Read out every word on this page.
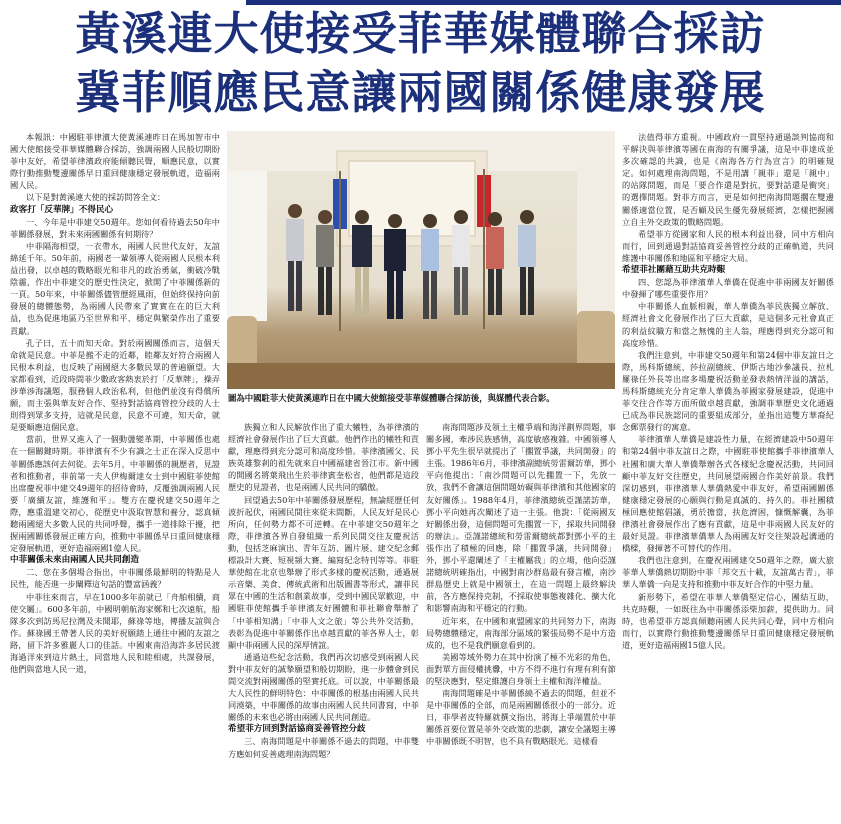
黃溪連大使接受菲華媒體聯合採訪
冀菲順應民意讓兩國關係健康發展

本報訊：中國駐菲律濱大使黃溪連昨日在馬加智市中國大使館接受菲華媒體聯合採訪，強調兩國人民般切期盼菲中友好，希望菲律濱政府能傾聽民聲，順應民意，以實際行動推動雙邊關係早日重回健康穩定發展軌道，造福兩國人民。

以下是對黃溪連大使的採訪問答全文：

政客打「反華牌」不得民心

一、今年是中菲建交50週年。您如何看待過去50年中菲關係發展，對未來兩國關係有何期待？

中菲隔海相望，一衣帶水，兩國人民世代友好，友誼綿延千年。50年前，兩國老一輩領導人從兩國人民根本利益出發，以卓越的戰略眼光和非凡的政治勇氣，衝破冷戰陰霾，作出中菲建交的歷史性決定，掀開了中菲關係新的一頁。50年來，中菲關係儘管歷經風雨，但始終保持向前發展的總體態勢，為兩國人民帶來了實實在在的巨大利益，也為促進地區乃至世界和平、穩定與繁榮作出了重要貢獻。

孔子曰，五十而知天命。對於兩國關係而言，這個天命就是民意。中菲是搬不走的近鄰，睦鄰友好符合兩國人民根本利益，也反映了兩國絕大多數民眾的普遍願望。大家都看到，近段時間菲少數政客熱衷於打「反華牌」，操弄涉華涉海議題，服務個人政治私利，但他們並沒有得償所願，而主張與華友好合作、堅持對話協商管控分歧的人士則得到眾多支持，這就是民意，民意不可違，知天命，就是要順應這個民意。

當前，世界又進入了一個動盪變革期，中菲關係也處在一個關鍵時期。菲律濱有不少有識之士正在深入反思中菲關係應該何去何從。去年5月，中菲關係的親歷者，見證者和推動者，菲前第一夫人伊梅爾達女士到中國駐菲使館出席慶祝菲中建交49週年的招待會時，反覆強調兩國人民要「廣續友誼，維護和平」。雙方在慶祝建交50週年之際，應重溫建交初心，從歷史中汲取智慧和養分，認真傾聽兩國絕大多數人民的共同呼聲，攜手一道排除干擾，把握兩國關係發展正確方向，推動中菲關係早日重回健康穩定發展軌道，更好造福兩國1億人民。

中菲關係未來由兩國人民共同創造

二、您在多個場合指出，中菲關係最鮮明的特點是人民性，能否進一步闡釋這句話的豐富涵義？

中菲往來而言，早在1000多年前就已「舟舶相續，商使交屬」。600多年前，中國明朝航海家鄭和七次遠航，船隊多次到訪馬尼拉灣及未聞耶，蘇祿等地，傳播友誼與合作。蘇祿國王帶著人民的美好祝願踏上通往中國的友誼之路，留下許多雅麗人口的佳話。中國東南沿海許多居民渡海過洋來到這片熱土，同當地人民和睦相處，共謀發展，他們與當地人民一道，

圖為中國駐菲大使黃溪連昨日在中國大使館接受菲華媒體聯合採訪後，與媒體代表合影。

族獨立和人民解放作出了重大犧牲，為菲律濱的經濟社會發展作出了巨大貢獻。他們作出的犧牲和貢獻，理應得到充分認可和高度珍惜。菲律濱國父、民族英雄黎剎的祖先就來自中國福建省晉江市。新中國的開國名將葉飛出生於菲律賓奎松省，他們都是這段歷史的見證者，也是兩國人民共同的驕傲。

回望過去50年中菲關係發展歷程，無論經歷任何波折起伏，兩國民間往來從未間斷，人民友好是民心所向，任何勢力都不可逆轉。在中菲建交50週年之際，菲律濱各界自發組織一系列民間交往友慶祝活動，包括芝麻演出、青年互訪、圖片展、建交紀念郵標設計大賽、短視頻大賽、編寫紀念特刊等等。菲駐華使館在北京也舉辦了形式多樣的慶祝活動，通過展示音樂、美食、傳統武術和出版圖書等形式，讓菲民眾在中國的生活和創業故事，受到中國民眾歡迎，中國駐菲使館攜手菲律濱友好團體和菲社聯會舉辦了「中菲相知溝」「中菲人文之旅」等公共外交活動，表彰為促進中菲關係作出卓越貢獻的菲各界人士，彰顯中菲兩國人民的深厚情誼。

通過這些紀念活動，我們再次切感受到兩國人民對中菲友好的誠摯願望和般切期盼，進一步體會到民間交流對兩國關係的堅實托底。可以說，中菲關係最大人民性的鮮明特色：中菲關係的根基由兩國人民共同澆築，中菲關係的故事由兩國人民共同書寫，中菲關係的未來也必將由兩國人民共同創造。

希望菲方回到對話協商妥善管控分歧

三、南海問題是中菲關係不過去的問題，中菲雙方應如何妥善處理南海問題？

南海問題涉及領土主權爭端和海洋劃界問題，事關多國，牽涉民族感情，高度敏感複雜。中國領導人鄧小平先生很早就提出了「擱置爭議，共同開發」的主張。1986年6月，菲律濱副總統勞雷爾訪華，鄧小平向他提出：「南沙問題可以先擱置一下，先放一放，我們不會讓這個問題妨礙與菲律濱和其他國家的友好關係」。1988年4月，菲律濱總統亞謹諾訪華，鄧小平向她再次闡述了這一主張。他說：「從兩國友好關係出發，這個問題可先擱置一下，採取共同開發的辦法」。亞謹諾總統和勞雷爾總統都對鄧小平的主張作出了積極的回應，除「擱置爭議，共同開發」外，鄧小平還闡述了「主權屬我」的立場，他向亞謹諾總統明確指出，中國對南沙群島最有發言權，南沙群島歷史上就是中國領土，在這一問題上最終解決前，各方應保持克制，不採取使事態複雜化、擴大化和影響南海和平穩定的行動。

近年來，在中國和東盟國家的共同努力下，南海局勢總體穩定，南海部分區域的緊張局勢不是中方造成的，也不是我們願意看到的。

美國等域外勢力在其中扮演了極不光彩的角色，面對單方面侵權挑釁，中方不得不進行有理有利有節的堅決應對，堅定維護自身領土主權和海洋權益。

南海問題確是中菲關係繞不過去的問題，但並不是中菲關係的全部，而是兩國關係很小的一部分。近日，菲學者皮特羅就撰文指出，將海上爭端置於中菲關係首要位置是菲外交政策的悲劇，讓安全議題主導中菲關係既不明智，也不具有戰略眼光。這樣看

法值得菲方重視。中國政府一貫堅持通過談判協商和平解決與菲律濱等國在南海的有關爭議，這是中菲達成並多次確認的共識，也是《南海各方行為宣言》的明確規定。如何處理南海問題，不是用講「親菲」還是「親中」的站隊問題，而是「要合作還是對抗，要對話還是衝突」的選擇問題。對菲方而言，更是如何把南海問題擱在雙邊關係適當位置，是否顧及民生優先發展經濟，怎樣把握國立自主外交政策的戰略問題。

希望菲方從國家和人民的根本利益出發，同中方相向而行，回到通過對話協商妥善管控分歧的正確軌道，共同維護中菲關係和地區和平穩定大局。

希望菲社團藉互助共克時艱

四、您認為菲律濱華人華僑在促進中菲兩國友好關係中發揮了哪些重要作用？

中菲關係人血脈相親，華人華僑為菲民族獨立解放、經濟社會文化發展作出了巨大貢獻，是這個多元社會真正的利益紋職方和當之無愧的主人翁，理應得到充分認可和高度珍惜。

我們注意到，中菲建交50週年和第24個中菲友誼日之際，馬科斯總統、莎拉副總統、伊斯古地沙參議長、拉札羅祿任外長等出席多場慶祝活動並發表熱情洋溢的講話，馬科斯總統充分肯定華人華僑為菲國家發展建設，促進中菲交往合作等方面所做卓越貢獻，強調菲華歷史文化通過已成為菲民族認同的重要組成部分，並指出這雙方華裔紀念郵票發行的寓意。

菲律濱華人華僑是建設性力量，在經濟建設中50週年和第24個中菲友誼日之際，中國駐菲使館攜手菲律濱華人社團和廣大華人華僑舉辦各式各樣紀念慶祝活動，共同回顧中菲友好交往歷史，共同展望兩國合作美好前景。我們深切感到，菲律濱華人華僑熱愛中菲友好，希望兩國關係健康穩定發展的心願與行動是真誠的、持久的。菲社團積極回應使館倡議，勇於擔當，扶危濟困，慷慨解囊，為菲律濱社會發展作出了應有貢獻，這是中菲兩國人民友好的最好見證。菲律濱華僑華人為兩國友好交往架設起溝通的橋樑，發揮著不可替代的作用。

我們也注意到，在慶祝兩國建交50週年之際，廣大旅菲華人華僑熱切期盼中菲「邦交五十載，友誼萬古青」，菲華人華僑一向是支持和推動中菲友好合作的中堅力量。

新形勢下，希望在菲華人華僑堅定信心，團結互助，共克時艱，一如既往為中菲關係添柴加薪，提供助力。同時，也希望菲方認真傾聽兩國人民共同心聲，同中方相向而行，以實際行動推動雙邊關係早日重回健康穩定發展軌道，更好造福兩國15億人民。
